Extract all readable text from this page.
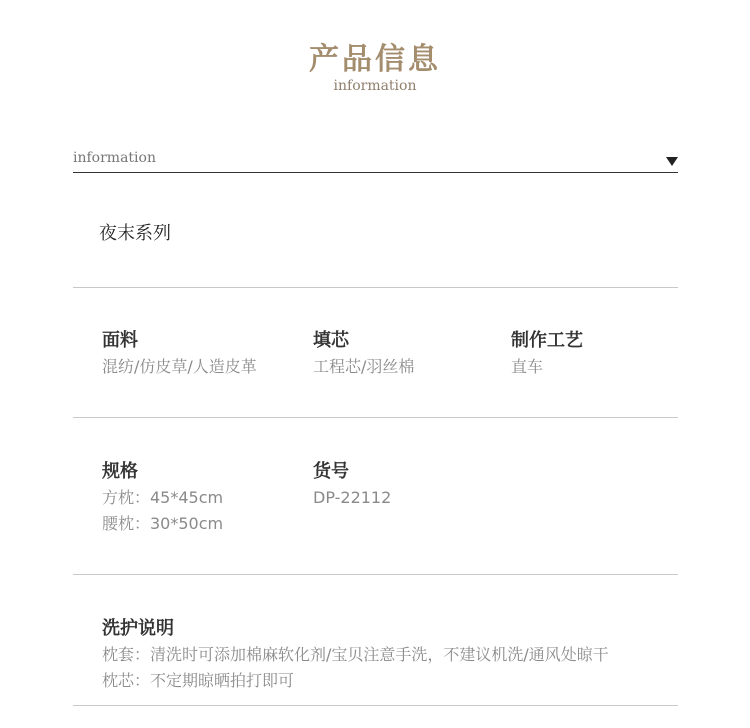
产品信息
information
information
夜末系列
面料
混纺/仿皮草/人造皮革
填芯
工程芯/羽丝棉
制作工艺
直车
规格
方枕：45*45cm
腰枕：30*50cm
货号
DP-22112
洗护说明
枕套：清洗时可添加棉麻软化剂/宝贝注意手洗，不建议机洗/通风处晾干
枕芯：不定期晾晒拍打即可
